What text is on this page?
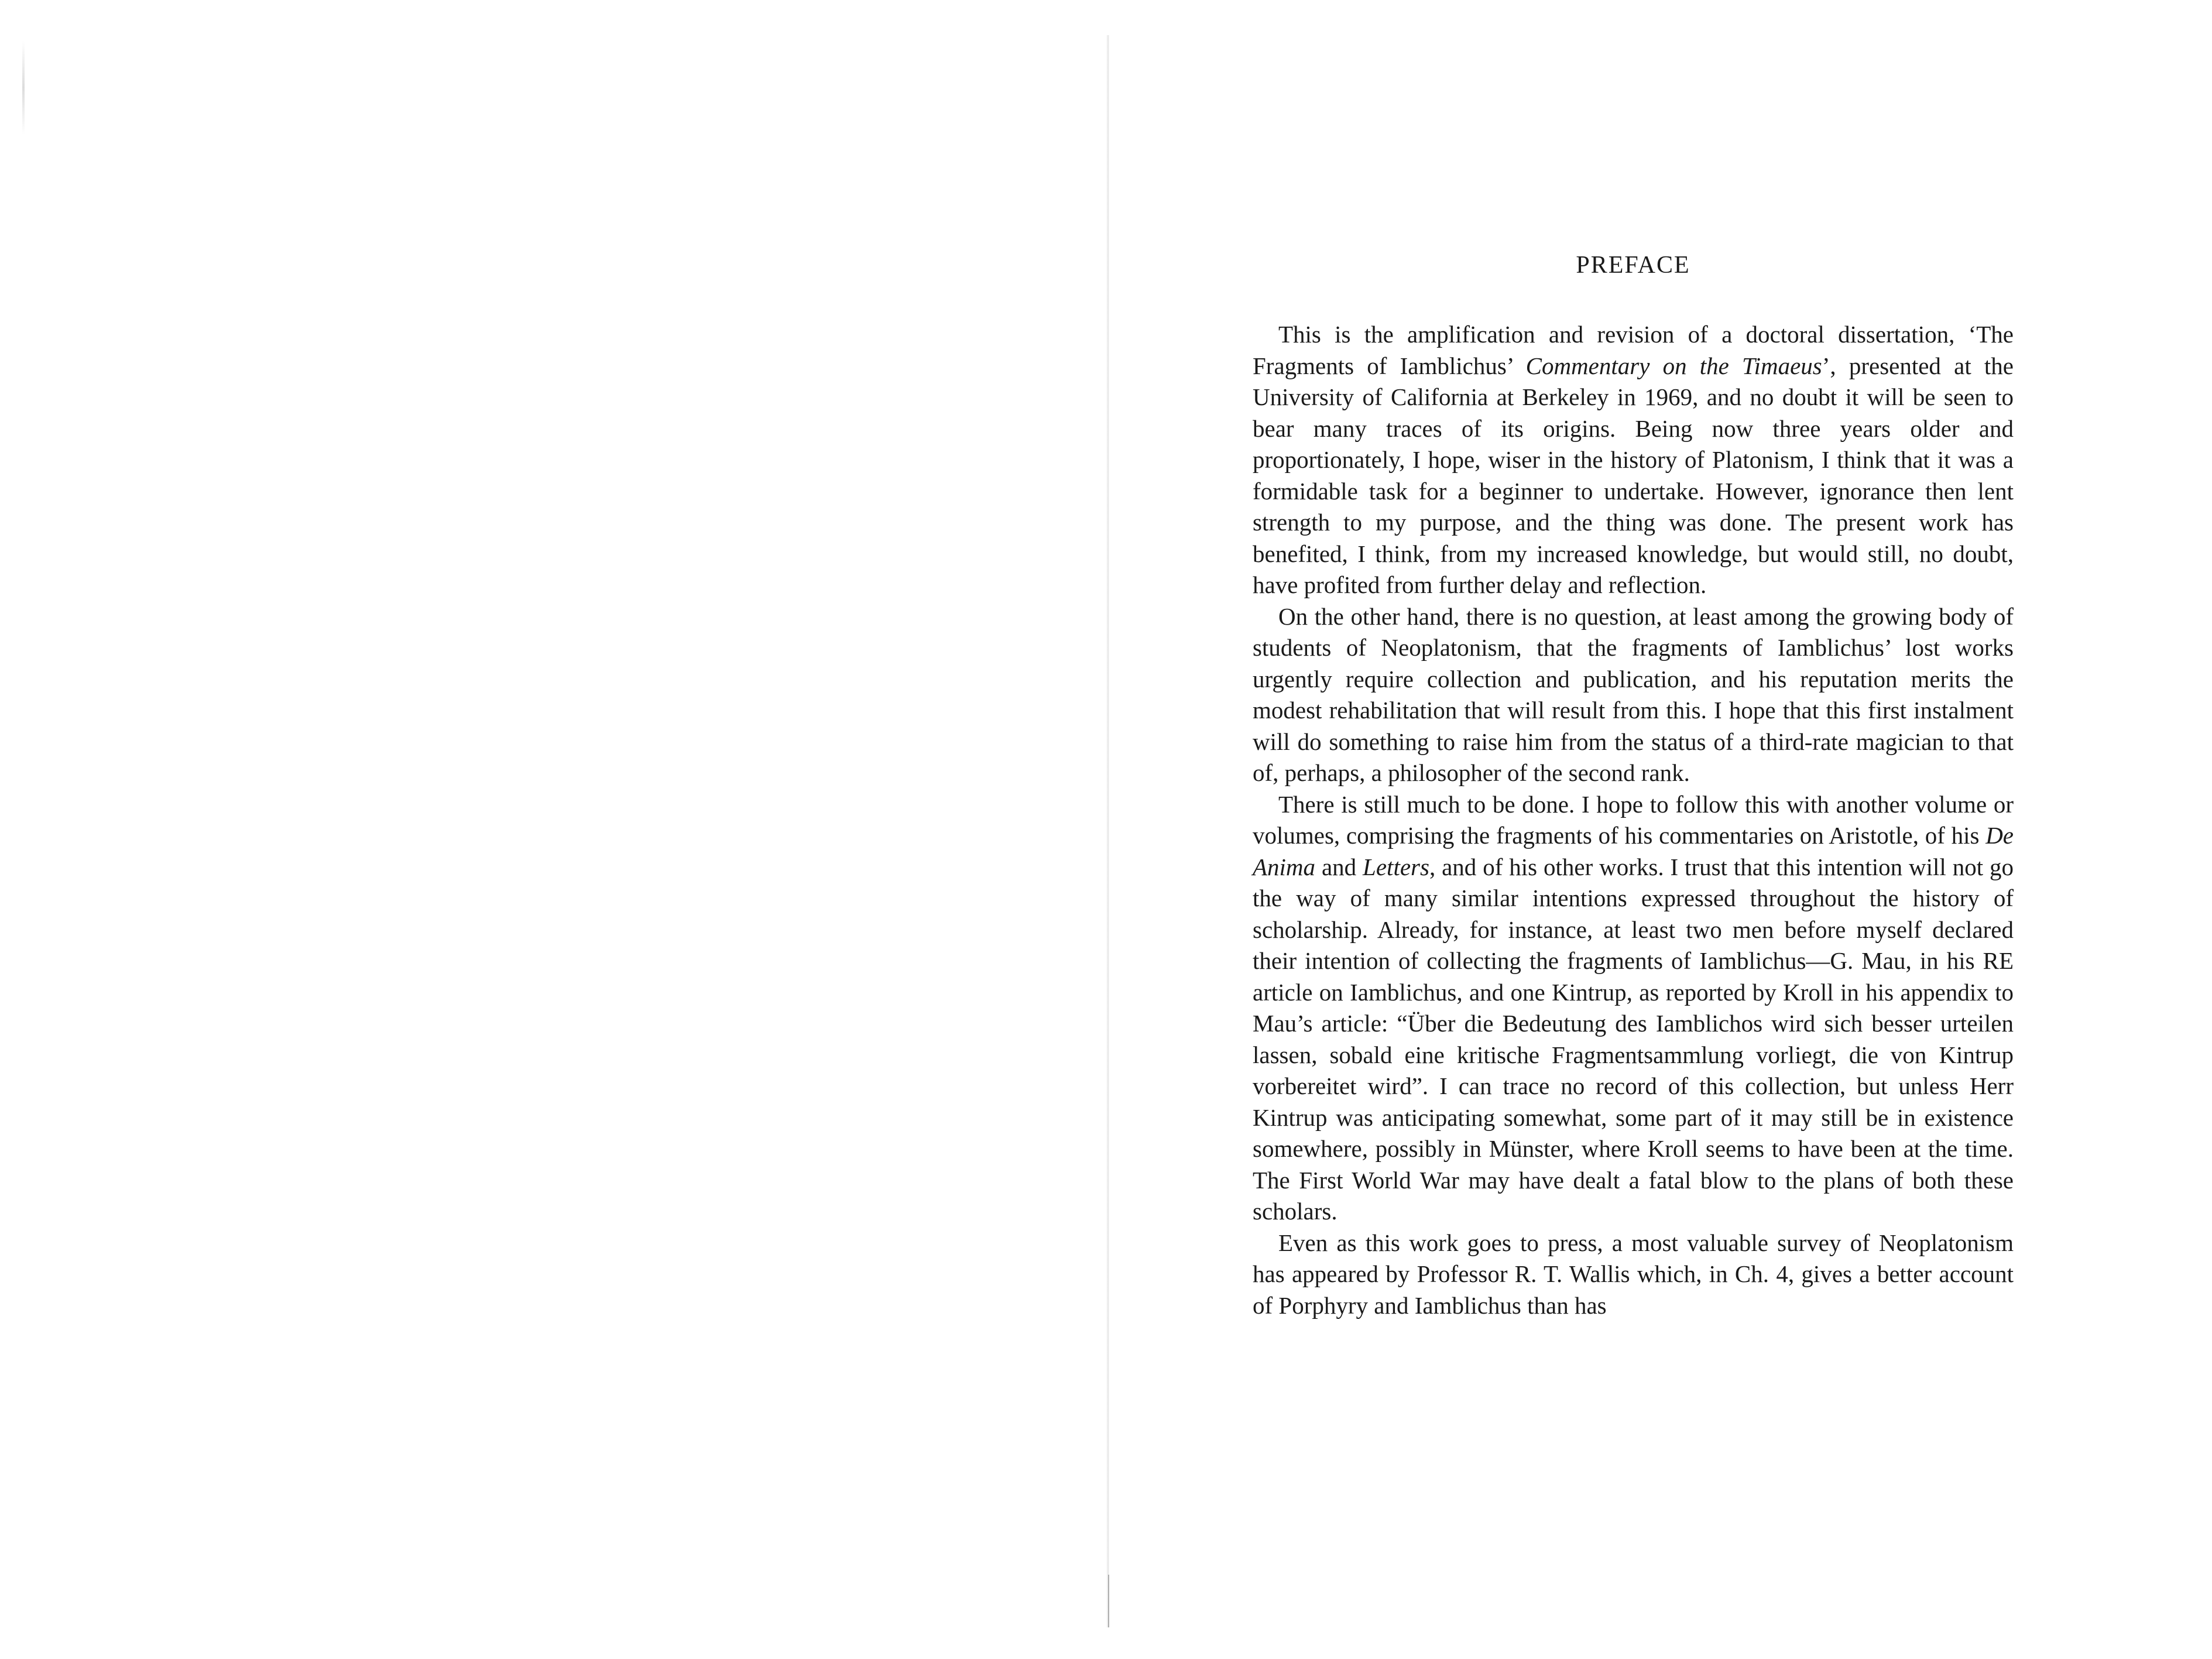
PREFACE

This is the amplification and revision of a doctoral dissertation, ‘The Fragments of Iamblichus’ Commentary on the Timaeus’, presented at the University of California at Berkeley in 1969, and no doubt it will be seen to bear many traces of its origins. Being now three years older and proportionately, I hope, wiser in the history of Platonism, I think that it was a formidable task for a beginner to undertake. However, ignorance then lent strength to my purpose, and the thing was done. The present work has benefited, I think, from my increased knowledge, but would still, no doubt, have profited from further delay and reflection.

On the other hand, there is no question, at least among the growing body of students of Neoplatonism, that the fragments of Iamblichus’ lost works urgently require collection and publication, and his reputation merits the modest rehabilitation that will result from this. I hope that this first instalment will do something to raise him from the status of a third-rate magician to that of, perhaps, a philosopher of the second rank.

There is still much to be done. I hope to follow this with another volume or volumes, comprising the fragments of his commentaries on Aristotle, of his De Anima and Letters, and of his other works. I trust that this intention will not go the way of many similar intentions expressed throughout the history of scholarship. Already, for instance, at least two men before myself declared their intention of collecting the fragments of Iamblichus—G. Mau, in his RE article on Iamblichus, and one Kintrup, as reported by Kroll in his appendix to Mau’s article: “Über die Bedeutung des Iamblichos wird sich besser urteilen lassen, sobald eine kritische Fragmentsammlung vorliegt, die von Kintrup vorbereitet wird”. I can trace no record of this collection, but unless Herr Kintrup was anticipating somewhat, some part of it may still be in existence somewhere, possibly in Münster, where Kroll seems to have been at the time. The First World War may have dealt a fatal blow to the plans of both these scholars.

Even as this work goes to press, a most valuable survey of Neoplatonism has appeared by Professor R. T. Wallis which, in Ch. 4, gives a better account of Porphyry and Iamblichus than has
